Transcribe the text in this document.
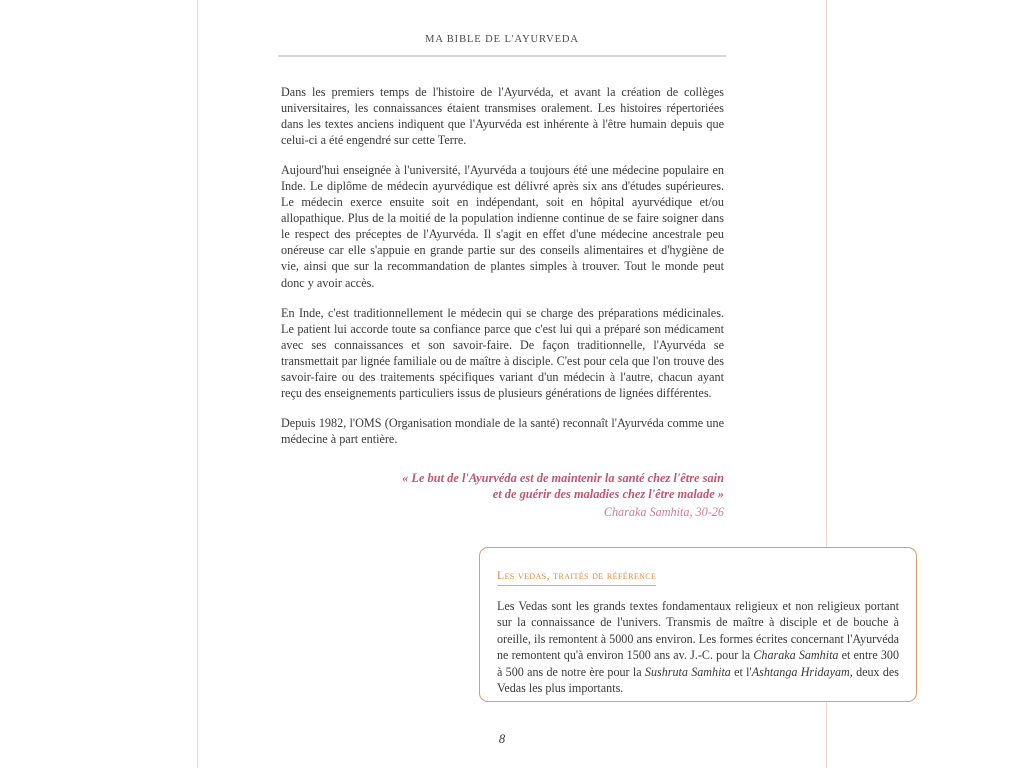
MA BIBLE DE L'AYURVEDA

Dans les premiers temps de l'histoire de l'Ayurvéda, et avant la création de collèges universitaires, les connaissances étaient transmises oralement. Les histoires répertoriées dans les textes anciens indiquent que l'Ayurvéda est inhérente à l'être humain depuis que celui-ci a été engendré sur cette Terre.

Aujourd'hui enseignée à l'université, l'Ayurvéda a toujours été une médecine populaire en Inde. Le diplôme de médecin ayurvédique est délivré après six ans d'études supérieures. Le médecin exerce ensuite soit en indépendant, soit en hôpital ayurvédique et/ou allopathique. Plus de la moitié de la population indienne continue de se faire soigner dans le respect des préceptes de l'Ayurvéda. Il s'agit en effet d'une médecine ancestrale peu onéreuse car elle s'appuie en grande partie sur des conseils alimentaires et d'hygiène de vie, ainsi que sur la recommandation de plantes simples à trouver. Tout le monde peut donc y avoir accès.

En Inde, c'est traditionnellement le médecin qui se charge des préparations médicinales. Le patient lui accorde toute sa confiance parce que c'est lui qui a préparé son médicament avec ses connaissances et son savoir-faire. De façon traditionnelle, l'Ayurvéda se transmettait par lignée familiale ou de maître à disciple. C'est pour cela que l'on trouve des savoir-faire ou des traitements spécifiques variant d'un médecin à l'autre, chacun ayant reçu des enseignements particuliers issus de plusieurs générations de lignées différentes.

Depuis 1982, l'OMS (Organisation mondiale de la santé) reconnaît l'Ayurvéda comme une médecine à part entière.

« Le but de l'Ayurvéda est de maintenir la santé chez l'être sain
et de guérir des maladies chez l'être malade »
Charaka Samhita, 30-26
Les vedas, traités de référence

Les Vedas sont les grands textes fondamentaux religieux et non religieux portant sur la connaissance de l'univers. Transmis de maître à disciple et de bouche à oreille, ils remontent à 5000 ans environ. Les formes écrites concernant l'Ayurvéda ne remontent qu'à environ 1500 ans av. J.-C. pour la Charaka Samhita et entre 300 à 500 ans de notre ère pour la Sushruta Samhita et l'Ashtanga Hridayam, deux des Vedas les plus importants.

8
